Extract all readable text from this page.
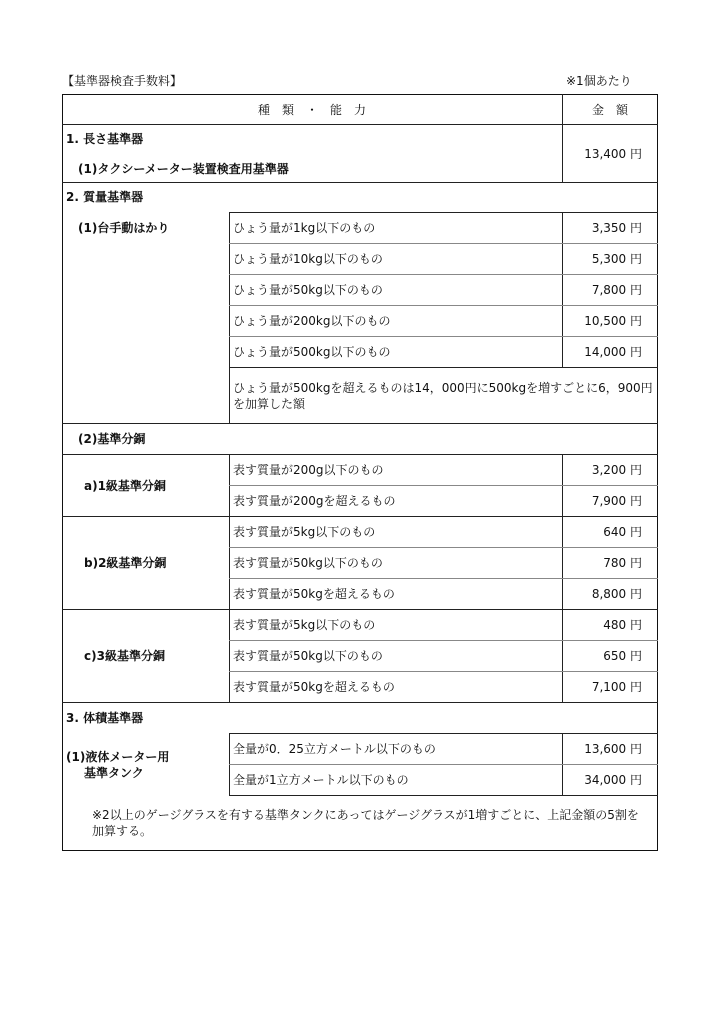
【基準器検査手数料】	※1個あたり
種　類　・　能　力	金　額
1. 長さ基準器
(1)タクシーメーター装置検査用基準器
13,400 円
2. 質量基準器
(1)台手動はかり	ひょう量が1kg以下のもの	3,350 円
ひょう量が10kg以下のもの	5,300 円
ひょう量が50kg以下のもの	7,800 円
ひょう量が200kg以下のもの	10,500 円
ひょう量が500kg以下のもの	14,000 円
ひょう量が500kgを超えるものは14，000円に500kgを増すごとに6，900円を加算した額
(2)基準分銅
a)1級基準分銅
表す質量が200g以下のもの	3,200 円
表す質量が200gを超えるもの	7,900 円
b)2級基準分銅
表す質量が5kg以下のもの	640 円
表す質量が50kg以下のもの	780 円
表す質量が50kgを超えるもの	8,800 円
c)3級基準分銅
表す質量が5kg以下のもの	480 円
表す質量が50kg以下のもの	650 円
表す質量が50kgを超えるもの	7,100 円
3. 体積基準器
(1)液体メーター用
基準タンク
全量が0．25立方メートル以下のもの	13,600 円
全量が1立方メートル以下のもの	34,000 円
※2以上のゲージグラスを有する基準タンクにあってはゲージグラスが1増すごとに、上記金額の5割を加算する。
